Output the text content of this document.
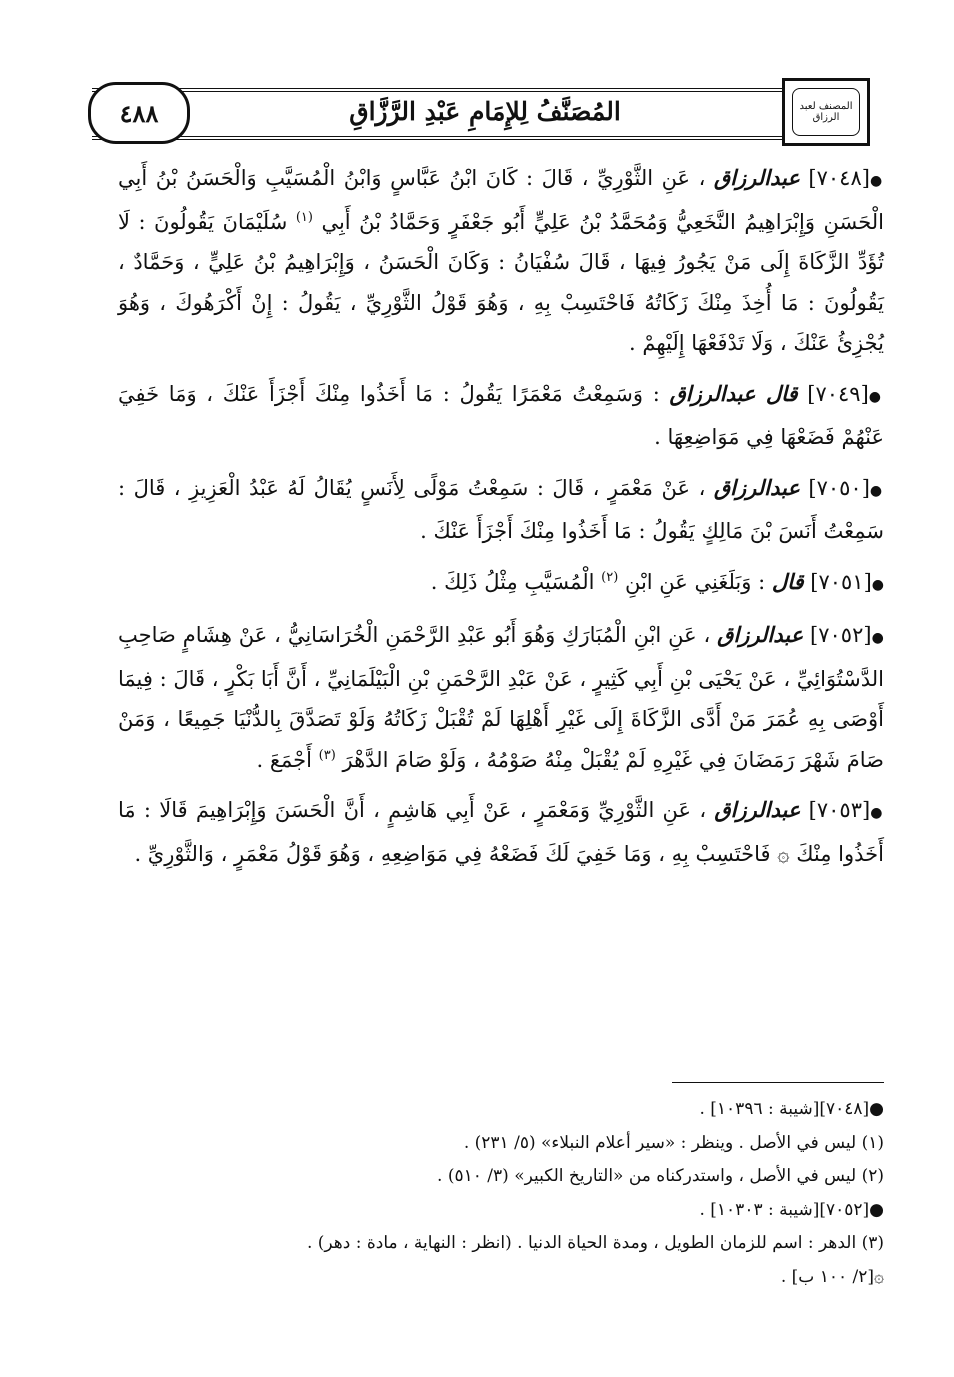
٤٨٨	المُصَنَّفُ لِلإِمَامِ عَبْدِ الرَّزَّاقِ	المصنف لعبد الرزاق

●[٧٠٤٨] عبدالرزاق ، عَنِ الثَّوْرِيِّ ، قَالَ : كَانَ ابْنُ عَبَّاسٍ وَابْنُ الْمُسَيَّبِ وَالْحَسَنُ بْنُ أَبِي الْحَسَنِ وَإِبْرَاهِيمُ النَّخَعِيُّ وَمُحَمَّدُ بْنُ عَلِيٍّ أَبُو جَعْفَرٍ وَحَمَّادُ بْنُ أَبِي $^{(١)}$ سُلَيْمَانَ يَقُولُونَ : لَا تُؤَدِّ الزَّكَاةَ إِلَى مَنْ يَجُورُ فِيهَا ، قَالَ سُفْيَانُ : وَكَانَ الْحَسَنُ ، وَإِبْرَاهِيمُ بْنُ عَلِيٍّ ، وَحَمَّادٌ ، يَقُولُونَ : مَا أُخِذَ مِنْكَ زَكَاتُهُ فَاحْتَسِبْ بِهِ ، وَهُوَ قَوْلُ الثَّوْرِيِّ ، يَقُولُ : إِنْ أَكْرَهُوكَ ، وَهُوَ يُجْزِئُ عَنْكَ ، وَلَا تَدْفَعْهَا إِلَيْهِمْ .

●[٧٠٤٩] قال عبدالرزاق : وَسَمِعْتُ مَعْمَرًا يَقُولُ : مَا أَخَذُوا مِنْكَ أَجْزَأَ عَنْكَ ، وَمَا خَفِيَ عَنْهُمْ فَضَعْهَا فِي مَوَاضِعِهَا .

●[٧٠٥٠] عبدالرزاق ، عَنْ مَعْمَرٍ ، قَالَ : سَمِعْتُ مَوْلًى لِأَنَسٍ يُقَالُ لَهُ عَبْدُ الْعَزِيزِ ، قَالَ : سَمِعْتُ أَنَسَ بْنَ مَالِكٍ يَقُولُ : مَا أَخَذُوا مِنْكَ أَجْزَأَ عَنْكَ .

●[٧٠٥١] قال : وَبَلَغَنِي عَنِ ابْنِ $^{(٢)}$ الْمُسَيَّبِ مِثْلُ ذَلِكَ .

●[٧٠٥٢] عبدالرزاق ، عَنِ ابْنِ الْمُبَارَكِ وَهُوَ أَبُو عَبْدِ الرَّحْمَنِ الْخُرَاسَانِيُّ ، عَنْ هِشَامٍ صَاحِبِ الدَّسْتُوَائِيِّ ، عَنْ يَحْيَى بْنِ أَبِي كَثِيرٍ ، عَنْ عَبْدِ الرَّحْمَنِ بْنِ الْبَيْلَمَانِيِّ ، أَنَّ أَبَا بَكْرٍ ، قَالَ : فِيمَا أَوْصَى بِهِ عُمَرَ مَنْ أَدَّى الزَّكَاةَ إِلَى غَيْرِ أَهْلِهَا لَمْ تُقْبَلْ زَكَاتُهُ وَلَوْ تَصَدَّقَ بِالدُّنْيَا جَمِيعًا ، وَمَنْ صَامَ شَهْرَ رَمَضَانَ فِي غَيْرِهِ لَمْ يُقْبَلْ مِنْهُ صَوْمُهُ ، وَلَوْ صَامَ الدَّهْرَ $^{(٣)}$ أَجْمَعَ .

●[٧٠٥٣] عبدالرزاق ، عَنِ الثَّوْرِيِّ وَمَعْمَرٍ ، عَنْ أَبِي هَاشِمٍ ، أَنَّ الْحَسَنَ وَإِبْرَاهِيمَ قَالَا : مَا أَخَذُوا مِنْكَ ۞ فَاحْتَسِبْ بِهِ ، وَمَا خَفِيَ لَكَ فَضَعْهُ فِي مَوَاضِعِهِ ، وَهُوَ قَوْلُ مَعْمَرٍ ، وَالثَّوْرِيِّ .

●[٧٠٤٨][شيبة : ١٠٣٩٦] .
(١) ليس في الأصل . وينظر : «سير أعلام النبلاء» (٥/ ٢٣١) .
(٢) ليس في الأصل ، واستدركناه من «التاريخ الكبير» (٣/ ٥١٠) .
●[٧٠٥٢][شيبة : ١٠٣٠٣] .
(٣) الدهر : اسم للزمان الطويل ، ومدة الحياة الدنيا . (انظر : النهاية ، مادة : دهر) .
۞[٢/ ١٠٠ ب] .
